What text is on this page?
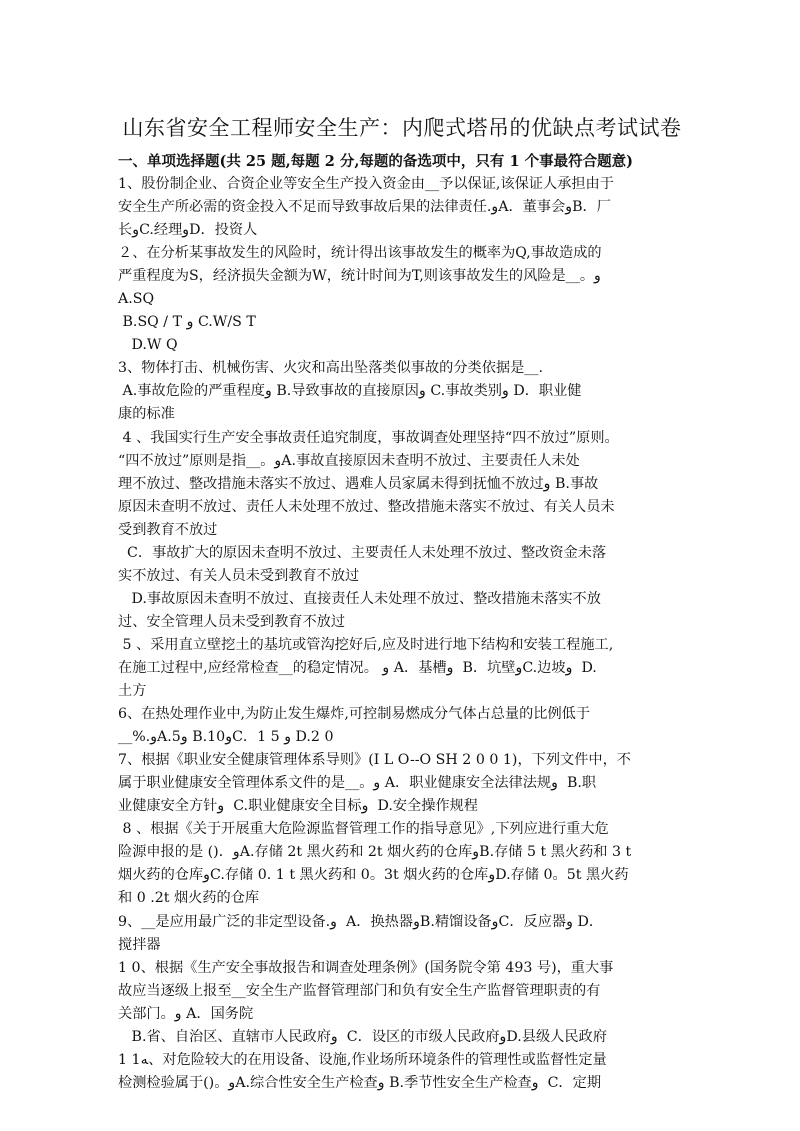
山东省安全工程师安全生产：内爬式塔吊的优缺点考试试卷
一、单项选择题(共 25 题,每题 2 分,每题的备选项中，只有 1 个事最符合题意)
1、股份制企业、合资企业等安全生产投入资金由__予以保证,该保证人承担由于
安全生产所必需的资金投入不足而导致事故后果的法律责任.وA．董事会وB．厂
长وC.经理وD．投资人
２、在分析某事故发生的风险时，统计得出该事故发生的概率为Q,事故造成的
严重程度为S，经济损失金额为W，统计时间为T,则该事故发生的风险是__。و
A.SQ
B.SQ / T و C.W/S T
D.W Q
3、物体打击、机械伤害、火灾和高出坠落类似事故的分类依据是__.
A.事故危险的严重程度و B.导致事故的直接原因و C.事故类别و D．职业健
康的标准
4 、我国实行生产安全事故责任追究制度，事故调查处理坚持“四不放过”原则。
“四不放过”原则是指__。وA.事故直接原因未查明不放过、主要责任人未处
理不放过、整改措施未落实不放过、遇难人员家属未得到抚恤不放过و B.事故
原因未查明不放过、责任人未处理不放过、整改措施未落实不放过、有关人员未
受到教育不放过
C．事故扩大的原因未查明不放过、主要责任人未处理不放过、整改资金未落
实不放过、有关人员未受到教育不放过
D.事故原因未查明不放过、直接责任人未处理不放过、整改措施未落实不放
过、安全管理人员未受到教育不放过
5 、采用直立壁挖土的基坑或管沟挖好后,应及时进行地下结构和安装工程施工,
在施工过程中,应经常检查__的稳定情况。 و A．基槽و  B．坑壁وC.边坡و  D.
土方
6、在热处理作业中,为防止发生爆炸,可控制易燃成分气体占总量的比例低于
__%.وA.5و B.10وC．1 5 و D.2 0
7、根据《职业安全健康管理体系导则》(I L O--O SH 2 0 0 1)，下列文件中，不
属于职业健康安全管理体系文件的是__。و A．职业健康安全法律法规و  B.职
业健康安全方针و  C.职业健康安全目标و  D.安全操作规程
8 、根据《关于开展重大危险源监督管理工作的指导意见》,下列应进行重大危
险源申报的是 ()．وA.存储 2t 黑火药和 2t 烟火药的仓库وB.存储 5 t 黑火药和 3 t
烟火药的仓库وC.存储 0. 1 t 黑火药和 0。3t 烟火药的仓库وD.存储 0。5t 黑火药
和 0 .2t 烟火药的仓库
9、__是应用最广泛的非定型设备.و  A．换热器وB.精馏设备وC．反应器و D．
搅拌器
1 0、根据《生产安全事故报告和调查处理条例》(国务院令第 493 号)，重大事
故应当逐级上报至__安全生产监督管理部门和负有安全生产监督管理职责的有
关部门。و A．国务院
B.省、自治区、直辖市人民政府و  C．设区的市级人民政府وD.县级人民政府
1 1ﻪ、对危险较大的在用设备、设施,作业场所环境条件的管理性或监督性定量
检测检验属于()。وA.综合性安全生产检查و B.季节性安全生产检查و  C．定期
